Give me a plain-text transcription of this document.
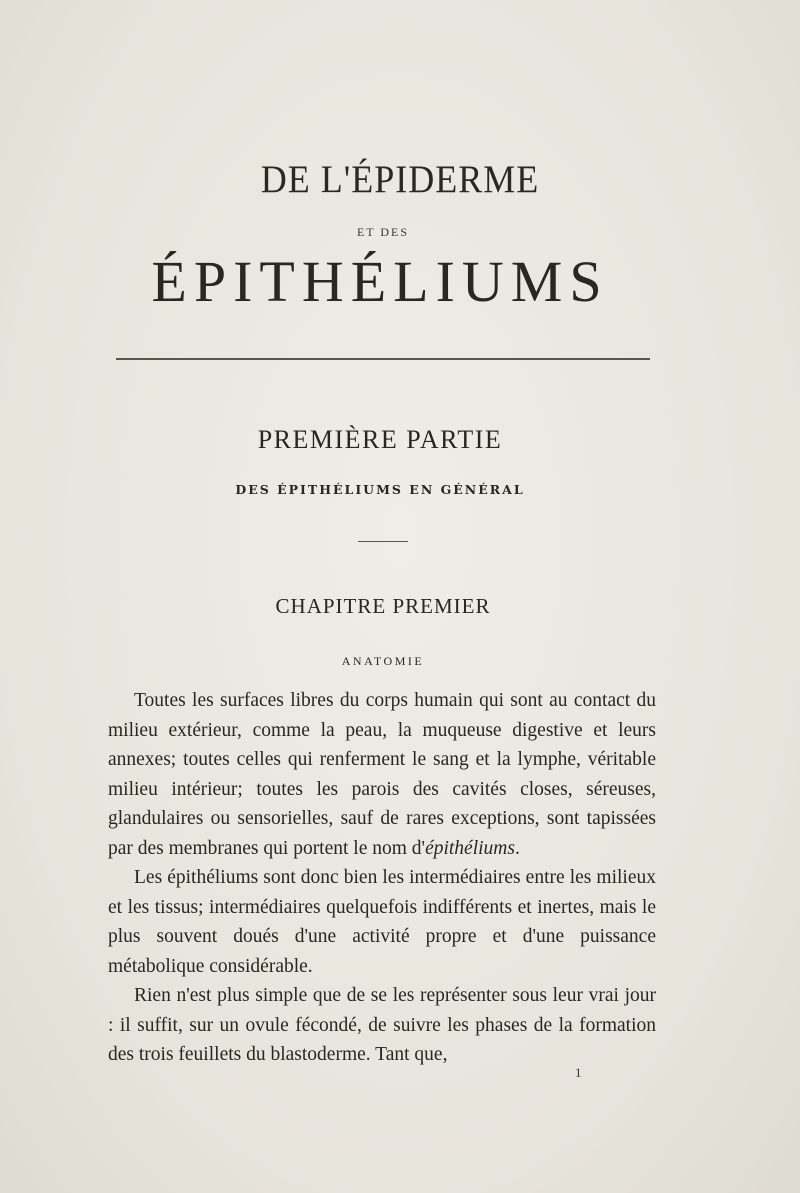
DE L'ÉPIDERME
ET DES
ÉPITHÉLIUMS
PREMIÈRE PARTIE
DES ÉPITHÉLIUMS EN GÉNÉRAL
CHAPITRE PREMIER
ANATOMIE

Toutes les surfaces libres du corps humain qui sont au contact du milieu extérieur, comme la peau, la muqueuse digestive et leurs annexes; toutes celles qui renferment le sang et la lymphe, véritable milieu intérieur; toutes les parois des cavités closes, séreuses, glandulaires ou sensorielles, sauf de rares exceptions, sont tapissées par des membranes qui portent le nom d'épithéliums.

Les épithéliums sont donc bien les intermédiaires entre les milieux et les tissus; intermédiaires quelquefois indifférents et inertes, mais le plus souvent doués d'une activité propre et d'une puissance métabolique considérable.

Rien n'est plus simple que de se les représenter sous leur vrai jour : il suffit, sur un ovule fécondé, de suivre les phases de la formation des trois feuillets du blastoderme. Tant que,

1
